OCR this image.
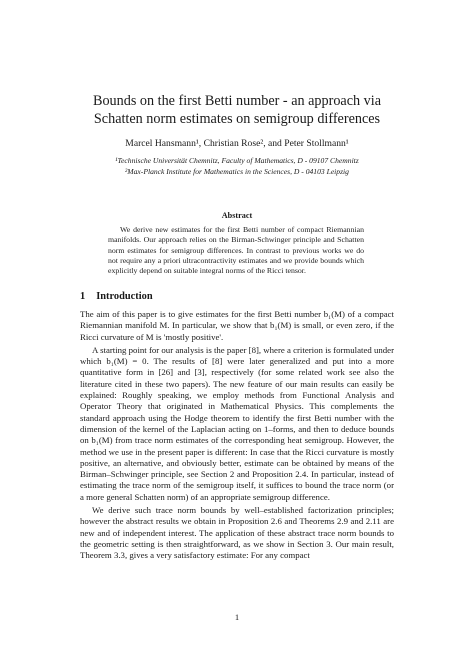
Bounds on the first Betti number - an approach via
Schatten norm estimates on semigroup differences
Marcel Hansmann¹, Christian Rose², and Peter Stollmann¹
¹Technische Universität Chemnitz, Faculty of Mathematics, D - 09107 Chemnitz
²Max-Planck Institute for Mathematics in the Sciences, D - 04103 Leipzig
Abstract
We derive new estimates for the first Betti number of compact Riemannian manifolds. Our approach relies on the Birman-Schwinger principle and Schatten norm estimates for semigroup differences. In contrast to previous works we do not require any a priori ultracontractivity estimates and we provide bounds which explicitly depend on suitable integral norms of the Ricci tensor.
1 Introduction

The aim of this paper is to give estimates for the first Betti number b₁(M) of a compact Riemannian manifold M. In particular, we show that b₁(M) is small, or even zero, if the Ricci curvature of M is 'mostly positive'.

A starting point for our analysis is the paper [8], where a criterion is formulated under which b₁(M) = 0. The results of [8] were later generalized and put into a more quantitative form in [26] and [3], respectively (for some related work see also the literature cited in these two papers). The new feature of our main results can easily be explained: Roughly speaking, we employ methods from Functional Analysis and Operator Theory that originated in Mathematical Physics. This complements the standard approach using the Hodge theorem to identify the first Betti number with the dimension of the kernel of the Laplacian acting on 1–forms, and then to deduce bounds on b₁(M) from trace norm estimates of the corresponding heat semigroup. However, the method we use in the present paper is different: In case that the Ricci curvature is mostly positive, an alternative, and obviously better, estimate can be obtained by means of the Birman–Schwinger principle, see Section 2 and Proposition 2.4. In particular, instead of estimating the trace norm of the semigroup itself, it suffices to bound the trace norm (or a more general Schatten norm) of an appropriate semigroup difference.

We derive such trace norm bounds by well–established factorization principles; however the abstract results we obtain in Proposition 2.6 and Theorems 2.9 and 2.11 are new and of independent interest. The application of these abstract trace norm bounds to the geometric setting is then straightforward, as we show in Section 3. Our main result, Theorem 3.3, gives a very satisfactory estimate: For any compact

1
